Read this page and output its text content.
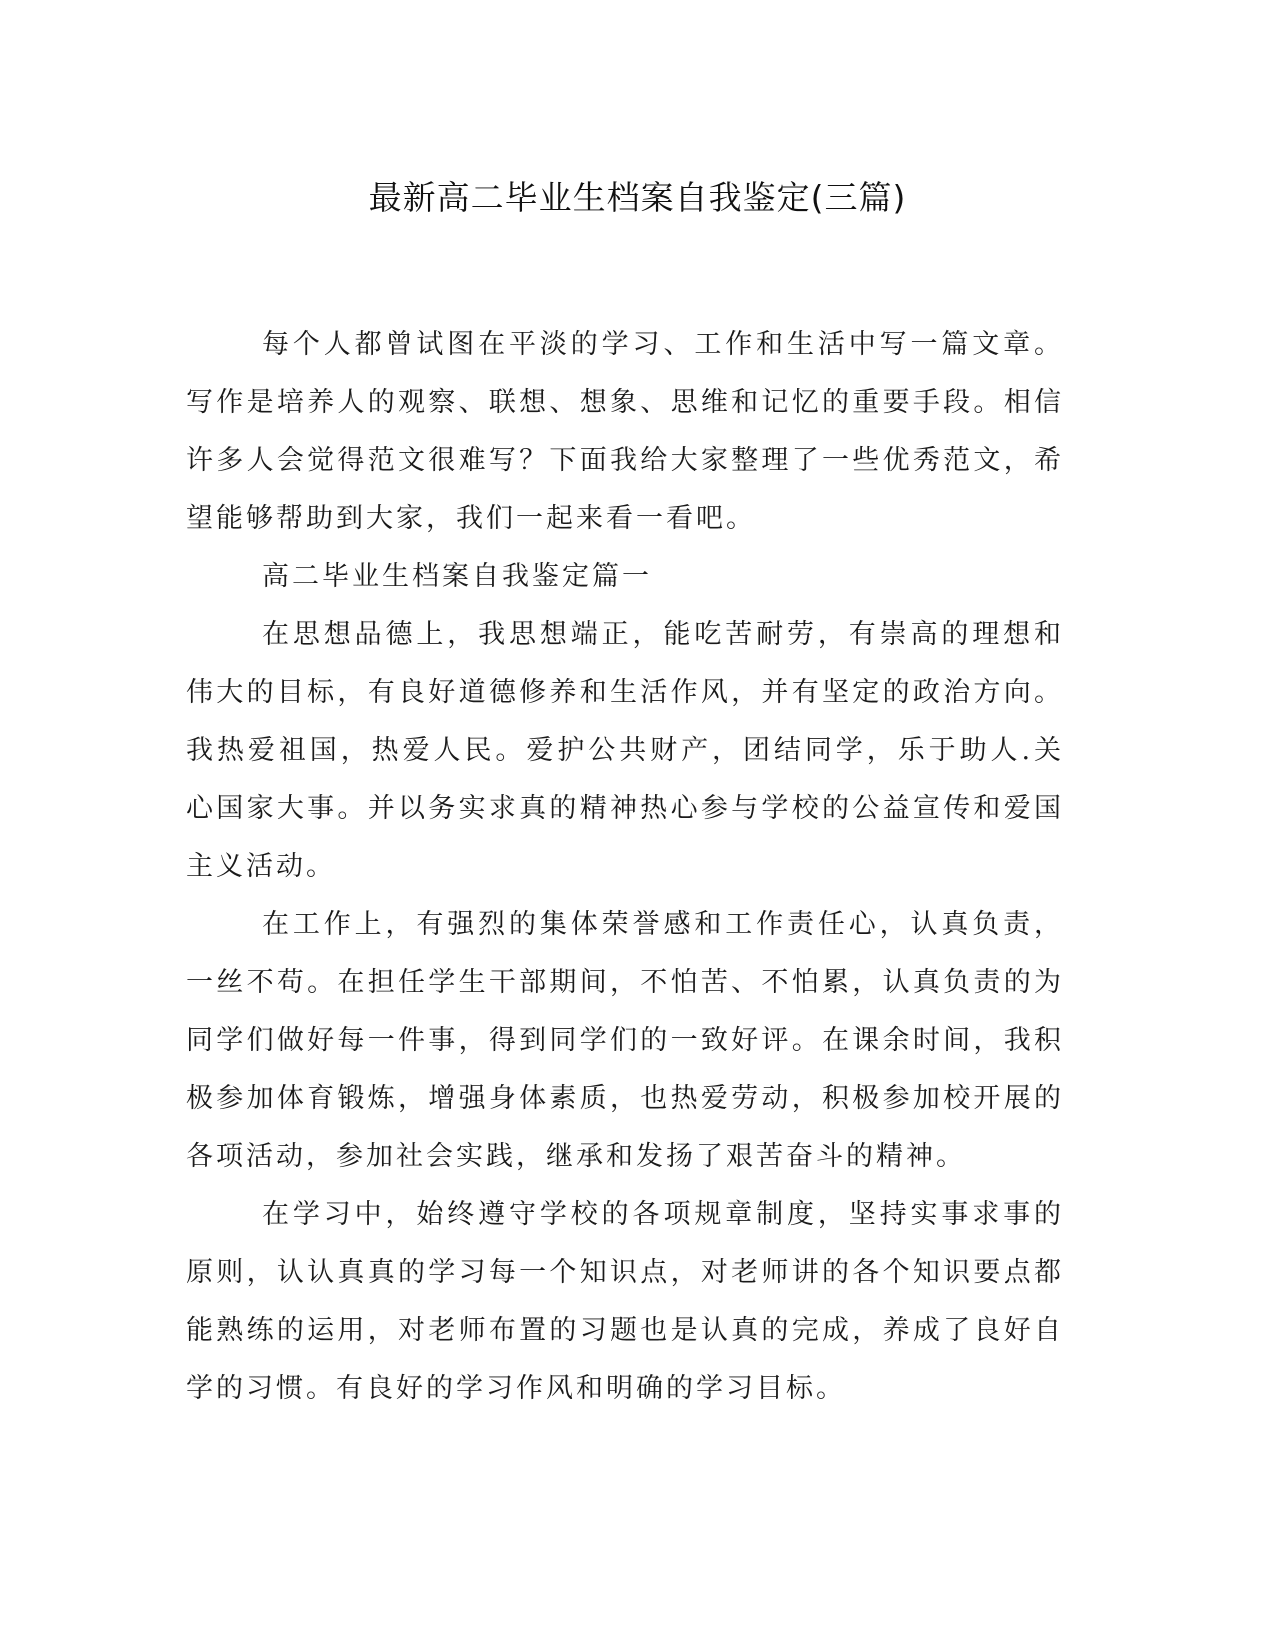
最新高二毕业生档案自我鉴定(三篇)

每个人都曾试图在平淡的学习、工作和生活中写一篇文章。写作是培养人的观察、联想、想象、思维和记忆的重要手段。相信许多人会觉得范文很难写？下面我给大家整理了一些优秀范文，希望能够帮助到大家，我们一起来看一看吧。

高二毕业生档案自我鉴定篇一

在思想品德上，我思想端正，能吃苦耐劳，有崇高的理想和伟大的目标，有良好道德修养和生活作风，并有坚定的政治方向。我热爱祖国，热爱人民。爱护公共财产，团结同学，乐于助人.关心国家大事。并以务实求真的精神热心参与学校的公益宣传和爱国主义活动。

在工作上，有强烈的集体荣誉感和工作责任心，认真负责，一丝不苟。在担任学生干部期间，不怕苦、不怕累，认真负责的为同学们做好每一件事，得到同学们的一致好评。在课余时间，我积极参加体育锻炼，增强身体素质，也热爱劳动，积极参加校开展的各项活动，参加社会实践，继承和发扬了艰苦奋斗的精神。

在学习中，始终遵守学校的各项规章制度，坚持实事求事的原则，认认真真的学习每一个知识点，对老师讲的各个知识要点都能熟练的运用，对老师布置的习题也是认真的完成，养成了良好自学的习惯。有良好的学习作风和明确的学习目标。
